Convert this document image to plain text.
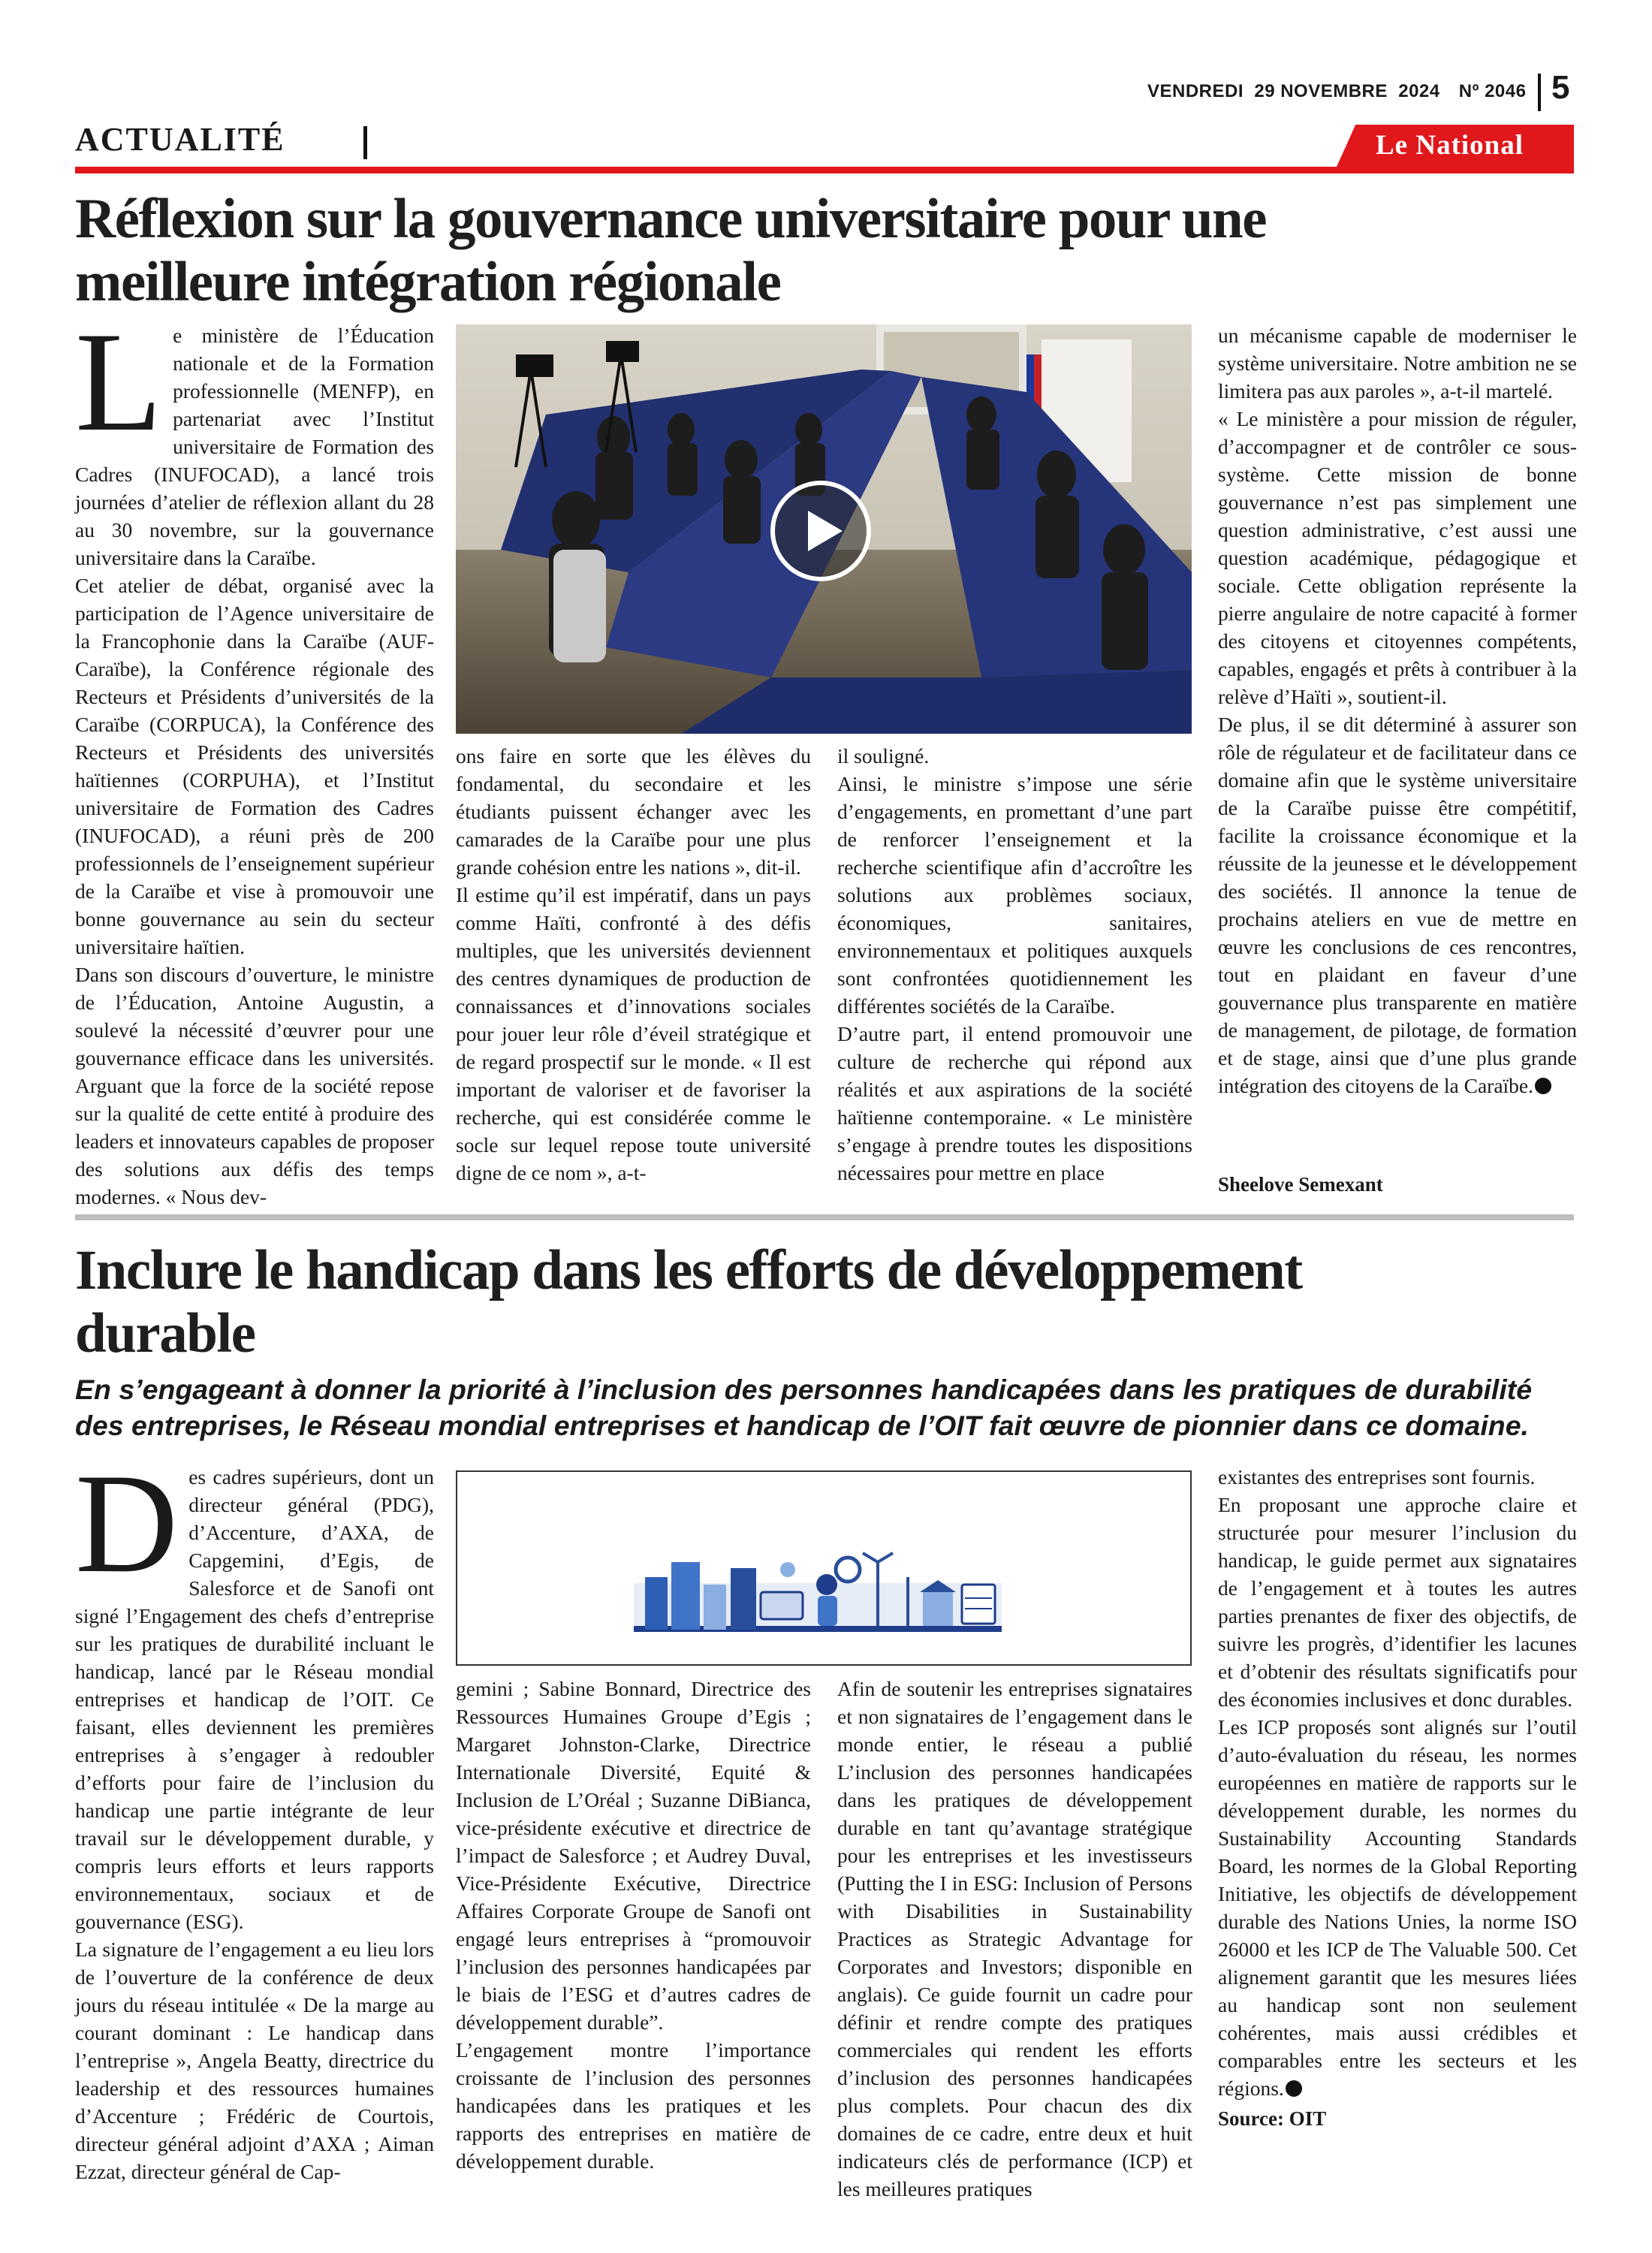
VENDREDI  29 NOVEMBRE  2024 Nº 2046 5
ACTUALITÉ	Le National
Réflexion sur la gouvernance universitaire pour une
meilleure intégration régionale
L e ministère de l’Éducation nationale et de la Formation professionnelle (MENFP), en partenariat avec l’Institut universitaire de Formation des Cadres (INUFOCAD), a lancé trois journées d’atelier de réflexion allant du 28 au 30 novembre, sur la gouvernance universitaire dans la Caraïbe.

Cet atelier de débat, organisé avec la participation de l’Agence universitaire de la Francophonie dans la Caraïbe (AUF-Caraïbe), la Conférence régionale des Recteurs et Présidents d’universités de la Caraïbe (CORPUCA), la Conférence des Recteurs et Présidents des universités haïtiennes (CORPUHA), et l’Institut universitaire de Formation des Cadres (INUFOCAD), a réuni près de 200 professionnels de l’enseignement supérieur de la Caraïbe et vise à promouvoir une bonne gouvernance au sein du secteur universitaire haïtien.

Dans son discours d’ouverture, le ministre de l’Éducation, Antoine Augustin, a soulevé la nécessité d’œuvrer pour une gouvernance efficace dans les universités. Arguant que la force de la société repose sur la qualité de cette entité à produire des leaders et innovateurs capables de proposer des solutions aux défis des temps modernes. « Nous dev-

ons faire en sorte que les élèves du fondamental, du secondaire et les étudiants puissent échanger avec les camarades de la Caraïbe pour une plus grande cohésion entre les nations », dit-il.

Il estime qu’il est impératif, dans un pays comme Haïti, confronté à des défis multiples, que les universités deviennent des centres dynamiques de production de connaissances et d’innovations sociales pour jouer leur rôle d’éveil stratégique et de regard prospectif sur le monde. « Il est important de valoriser et de favoriser la recherche, qui est considérée comme le socle sur lequel repose toute université digne de ce nom », a-t-

il souligné.

Ainsi, le ministre s’impose une série d’engagements, en promettant d’une part de renforcer l’enseignement et la recherche scientifique afin d’accroître les solutions aux problèmes sociaux, économiques, sanitaires, environnementaux et politiques auxquels sont confrontées quotidiennement les différentes sociétés de la Caraïbe.

D’autre part, il entend promouvoir une culture de recherche qui répond aux réalités et aux aspirations de la société haïtienne contemporaine. « Le ministère s’engage à prendre toutes les dispositions nécessaires pour mettre en place

un mécanisme capable de moderniser le système universitaire. Notre ambition ne se limitera pas aux paroles », a-t-il martelé.

« Le ministère a pour mission de réguler, d’accompagner et de contrôler ce sous-système. Cette mission de bonne gouvernance n’est pas simplement une question administrative, c’est aussi une question académique, pédagogique et sociale. Cette obligation représente la pierre angulaire de notre capacité à former des citoyens et citoyennes compétents, capables, engagés et prêts à contribuer à la relève d’Haïti », soutient-il.

De plus, il se dit déterminé à assurer son rôle de régulateur et de facilitateur dans ce domaine afin que le système universitaire de la Caraïbe puisse être compétitif, facilite la croissance économique et la réussite de la jeunesse et le développement des sociétés. Il annonce la tenue de prochains ateliers en vue de mettre en œuvre les conclusions de ces rencontres, tout en plaidant en faveur d’une gouvernance plus transparente en matière de management, de pilotage, de formation et de stage, ainsi que d’une plus grande intégration des citoyens de la Caraïbe.

Sheelove Semexant
Inclure le handicap dans les efforts de développement
durable
En s’engageant à donner la priorité à l’inclusion des personnes handicapées dans les pratiques de durabilité des entreprises, le Réseau mondial entreprises et handicap de l’OIT fait œuvre de pionnier dans ce domaine.
D es cadres supérieurs, dont un directeur général (PDG), d’Accenture, d’AXA, de Capgemini, d’Egis, de Salesforce et de Sanofi ont signé l’Engagement des chefs d’entreprise sur les pratiques de durabilité incluant le handicap, lancé par le Réseau mondial entreprises et handicap de l’OIT. Ce faisant, elles deviennent les premières entreprises à s’engager à redoubler d’efforts pour faire de l’inclusion du handicap une partie intégrante de leur travail sur le développement durable, y compris leurs efforts et leurs rapports environnementaux, sociaux et de gouvernance (ESG).

La signature de l’engagement a eu lieu lors de l’ouverture de la conférence de deux jours du réseau intitulée « De la marge au courant dominant : Le handicap dans l’entreprise », Angela Beatty, directrice du leadership et des ressources humaines d’Accenture ; Frédéric de Courtois, directeur général adjoint d’AXA ; Aiman Ezzat, directeur général de Cap-

gemini ; Sabine Bonnard, Directrice des Ressources Humaines Groupe d’Egis ; Margaret Johnston-Clarke, Directrice Internationale Diversité, Equité & Inclusion de L’Oréal ; Suzanne DiBianca, vice-présidente exécutive et directrice de l’impact de Salesforce ; et Audrey Duval, Vice-Présidente Exécutive, Directrice Affaires Corporate Groupe de Sanofi ont engagé leurs entreprises à “promouvoir l’inclusion des personnes handicapées par le biais de l’ESG et d’autres cadres de développement durable”.

L’engagement montre l’importance croissante de l’inclusion des personnes handicapées dans les pratiques et les rapports des entreprises en matière de développement durable.

Afin de soutenir les entreprises signataires et non signataires de l’engagement dans le monde entier, le réseau a publié L’inclusion des personnes handicapées dans les pratiques de développement durable en tant qu’avantage stratégique pour les entreprises et les investisseurs (Putting the I in ESG: Inclusion of Persons with Disabilities in Sustainability Practices as Strategic Advantage for Corporates and Investors; disponible en anglais). Ce guide fournit un cadre pour définir et rendre compte des pratiques commerciales qui rendent les efforts d’inclusion des personnes handicapées plus complets. Pour chacun des dix domaines de ce cadre, entre deux et huit indicateurs clés de performance (ICP) et les meilleures pratiques

existantes des entreprises sont fournis.

En proposant une approche claire et structurée pour mesurer l’inclusion du handicap, le guide permet aux signataires de l’engagement et à toutes les autres parties prenantes de fixer des objectifs, de suivre les progrès, d’identifier les lacunes et d’obtenir des résultats significatifs pour des économies inclusives et donc durables.

Les ICP proposés sont alignés sur l’outil d’auto-évaluation du réseau, les normes européennes en matière de rapports sur le développement durable, les normes du Sustainability Accounting Standards Board, les normes de la Global Reporting Initiative, les objectifs de développement durable des Nations Unies, la norme ISO 26000 et les ICP de The Valuable 500. Cet alignement garantit que les mesures liées au handicap sont non seulement cohérentes, mais aussi crédibles et comparables entre les secteurs et les régions.

Source: OIT
